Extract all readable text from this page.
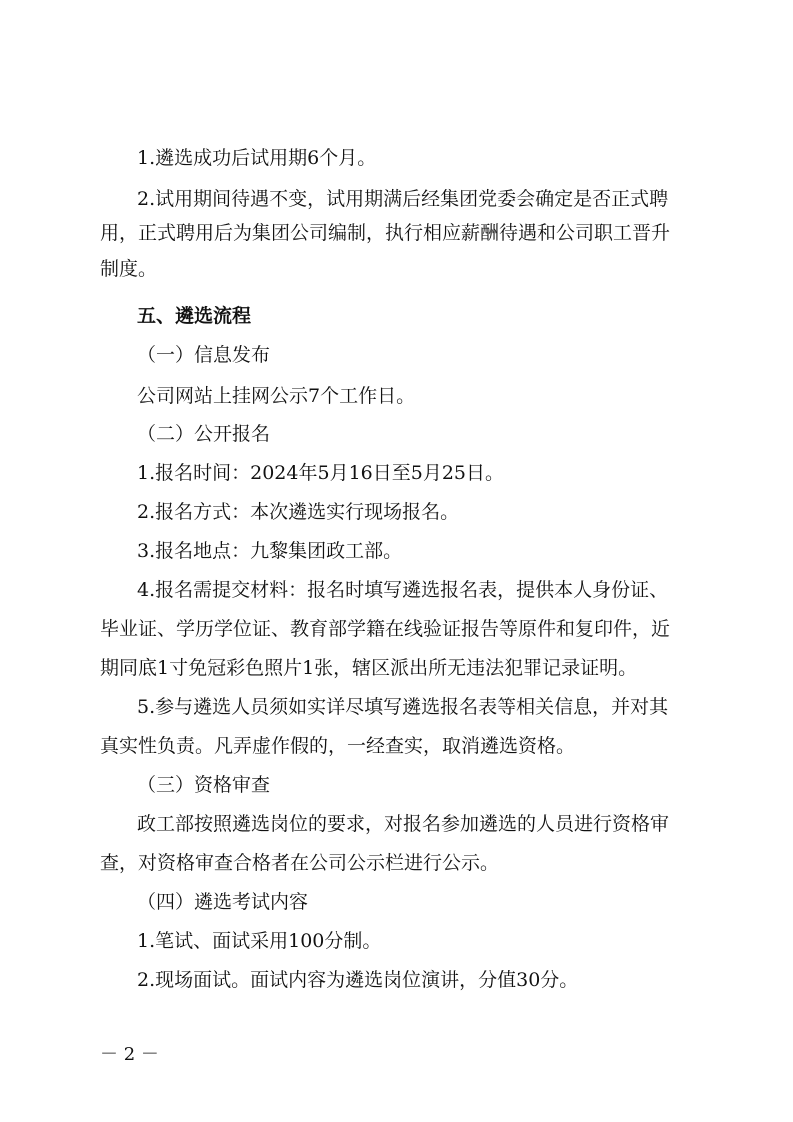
1.遴选成功后试用期6个月。
2.试用期间待遇不变，试用期满后经集团党委会确定是否正式聘
用，正式聘用后为集团公司编制，执行相应薪酬待遇和公司职工晋升
制度。
五、遴选流程
（一）信息发布
公司网站上挂网公示7个工作日。
（二）公开报名
1.报名时间：2024年5月16日至5月25日。
2.报名方式：本次遴选实行现场报名。
3.报名地点：九黎集团政工部。
4.报名需提交材料：报名时填写遴选报名表，提供本人身份证、
毕业证、学历学位证、教育部学籍在线验证报告等原件和复印件，近
期同底1寸免冠彩色照片1张，辖区派出所无违法犯罪记录证明。
5.参与遴选人员须如实详尽填写遴选报名表等相关信息，并对其
真实性负责。凡弄虚作假的，一经查实，取消遴选资格。
（三）资格审查
政工部按照遴选岗位的要求，对报名参加遴选的人员进行资格审
查，对资格审查合格者在公司公示栏进行公示。
（四）遴选考试内容
1.笔试、面试采用100分制。
2.现场面试。面试内容为遴选岗位演讲，分值30分。
－ 2 －
